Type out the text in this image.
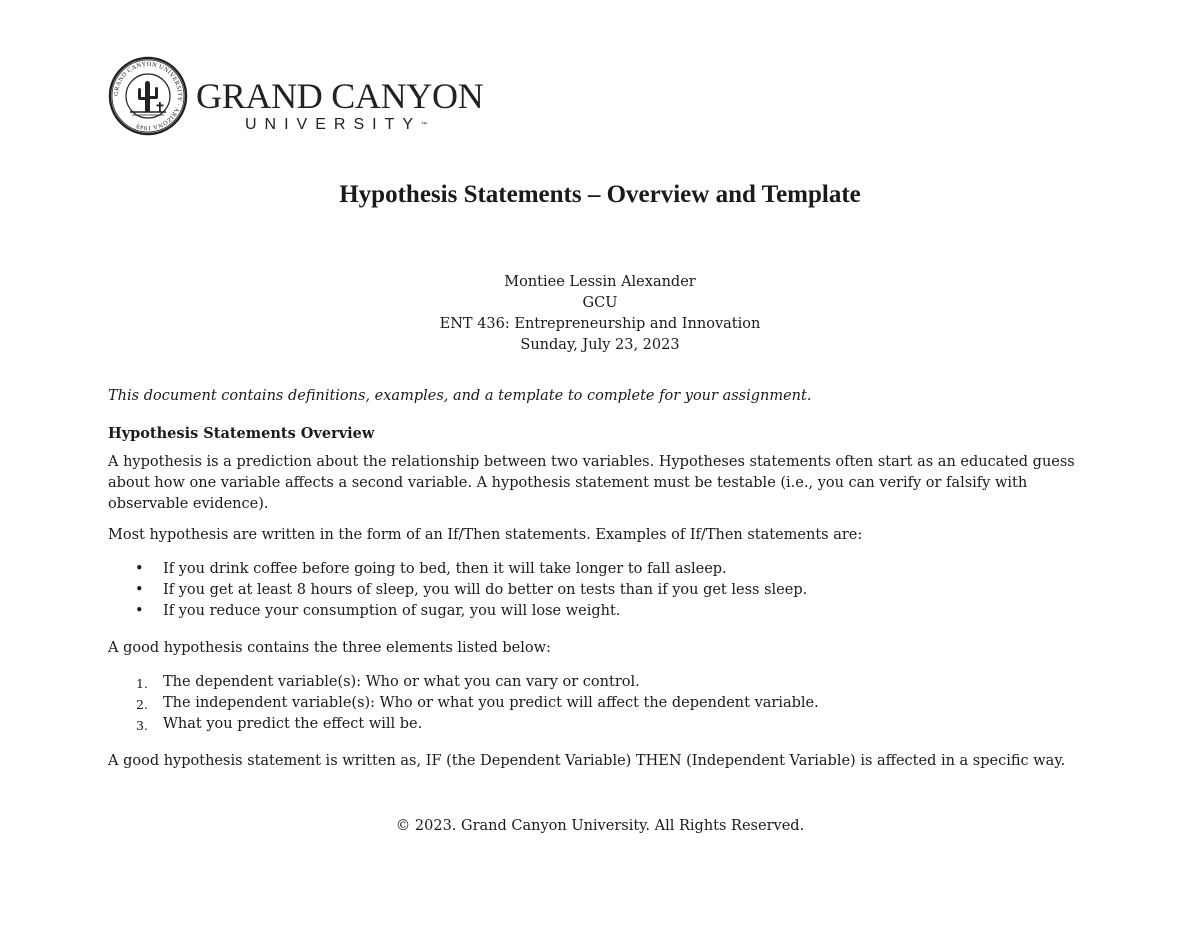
GRAND CANYON UNIVERSITY · ARIZONA 1949
GRAND CANYON
UNIVERSITY™
Hypothesis Statements – Overview and Template
Montiee Lessin Alexander
GCU
ENT 436: Entrepreneurship and Innovation
Sunday, July 23, 2023

This document contains definitions, examples, and a template to complete for your assignment.

Hypothesis Statements Overview

A hypothesis is a prediction about the relationship between two variables. Hypotheses statements often start as an educated guess about how one variable affects a second variable. A hypothesis statement must be testable (i.e., you can verify or falsify with observable evidence).

Most hypothesis are written in the form of an If/Then statements. Examples of If/Then statements are:

• If you drink coffee before going to bed, then it will take longer to fall asleep.
• If you get at least 8 hours of sleep, you will do better on tests than if you get less sleep.
• If you reduce your consumption of sugar, you will lose weight.

A good hypothesis contains the three elements listed below:

1. The dependent variable(s): Who or what you can vary or control.
2. The independent variable(s): Who or what you predict will affect the dependent variable.
3. What you predict the effect will be.

A good hypothesis statement is written as, IF (the Dependent Variable) THEN (Independent Variable) is affected in a specific way.

© 2023. Grand Canyon University. All Rights Reserved.
